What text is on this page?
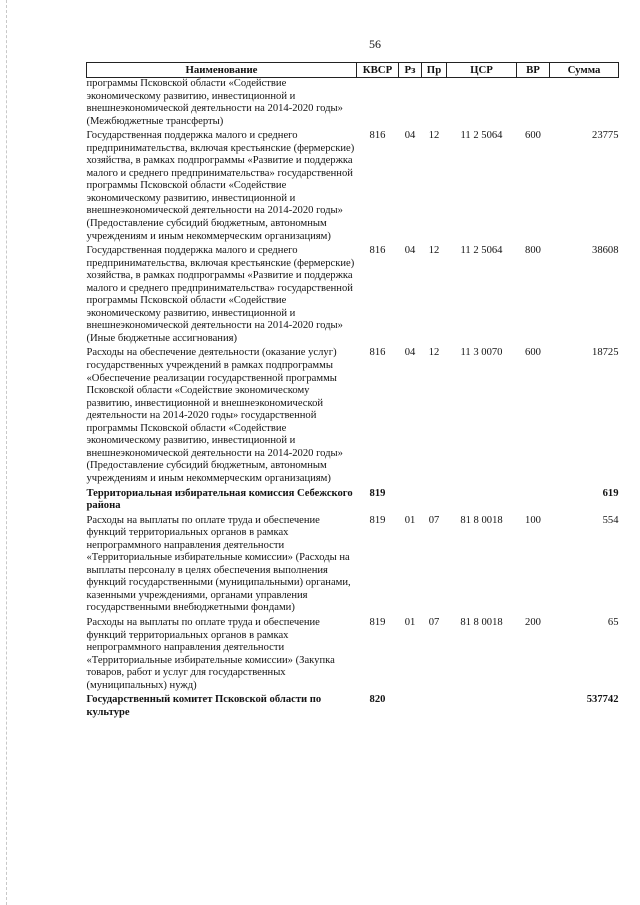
56
Наименование	КВСР	Рз	Пр	ЦСР	ВР	Сумма
программы Псковской области «Содействие экономическому развитию, инвестиционной и внешнеэкономической деятельности на 2014-2020 годы» (Межбюджетные трансферты)						
Государственная поддержка малого и среднего предпринимательства, включая крестьянские (фермерские) хозяйства, в рамках подпрограммы «Развитие и поддержка малого и среднего предпринимательства» государственной программы Псковской области «Содействие экономическому развитию, инвестиционной и внешнеэкономической деятельности на 2014-2020 годы» (Предоставление субсидий бюджетным, автономным учреждениям и иным некоммерческим организациям)	816	04	12	11 2 5064	600	23775
Государственная поддержка малого и среднего предпринимательства, включая крестьянские (фермерские) хозяйства, в рамках подпрограммы «Развитие и поддержка малого и среднего предпринимательства» государственной программы Псковской области «Содействие экономическому развитию, инвестиционной и внешнеэкономической деятельности на 2014-2020 годы» (Иные бюджетные ассигнования)	816	04	12	11 2 5064	800	38608
Расходы на обеспечение деятельности (оказание услуг) государственных учреждений в рамках подпрограммы «Обеспечение реализации государственной программы Псковской области «Содействие экономическому развитию, инвестиционной и внешнеэкономической деятельности на 2014-2020 годы» государственной программы Псковской области «Содействие экономическому развитию, инвестиционной и внешнеэкономической деятельности на 2014-2020 годы» (Предоставление субсидий бюджетным, автономным учреждениям и иным некоммерческим организациям)	816	04	12	11 3 0070	600	18725
Территориальная избирательная комиссия Себежского района	819					619
Расходы на выплаты по оплате труда и обеспечение функций территориальных органов в рамках непрограммного направления деятельности «Территориальные избирательные комиссии» (Расходы на выплаты персоналу в целях обеспечения выполнения функций государственными (муниципальными) органами, казенными учреждениями, органами управления государственными внебюджетными фондами)	819	01	07	81 8 0018	100	554
Расходы на выплаты по оплате труда и обеспечение функций территориальных органов в рамках непрограммного направления деятельности «Территориальные избирательные комиссии» (Закупка товаров, работ и услуг для государственных (муниципальных) нужд)	819	01	07	81 8 0018	200	65
Государственный комитет Псковской области по культуре	820					537742
